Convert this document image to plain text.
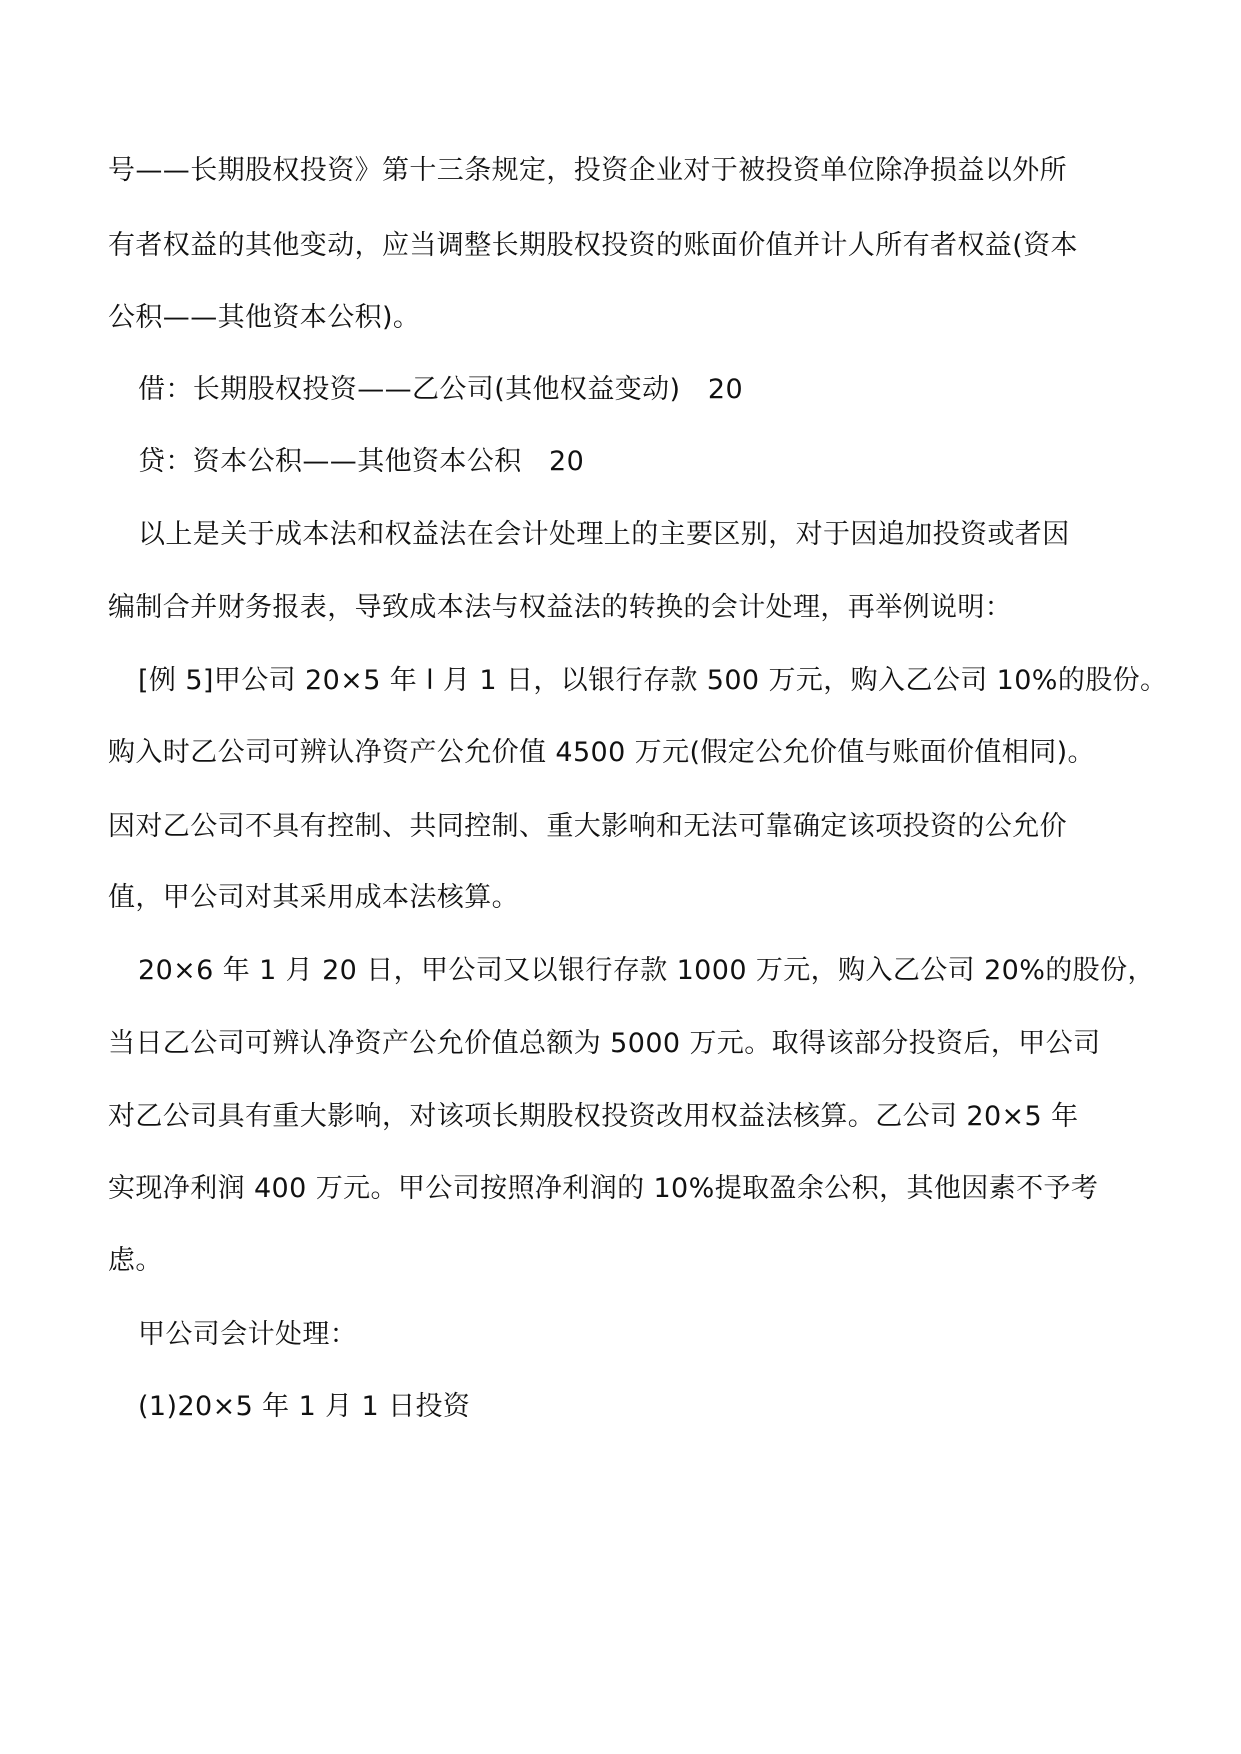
号——长期股权投资》第十三条规定，投资企业对于被投资单位除净损益以外所
有者权益的其他变动，应当调整长期股权投资的账面价值并计人所有者权益(资本
公积——其他资本公积)。
借：长期股权投资——乙公司(其他权益变动)　20
贷：资本公积——其他资本公积　20
以上是关于成本法和权益法在会计处理上的主要区别，对于因追加投资或者因
编制合并财务报表，导致成本法与权益法的转换的会计处理，再举例说明：
[例 5]甲公司 20×5 年 l 月 1 日，以银行存款 500 万元，购入乙公司 10%的股份。
购入时乙公司可辨认净资产公允价值 4500 万元(假定公允价值与账面价值相同)。
因对乙公司不具有控制、共同控制、重大影响和无法可靠确定该项投资的公允价
值，甲公司对其采用成本法核算。
20×6 年 1 月 20 日，甲公司又以银行存款 1000 万元，购入乙公司 20%的股份，
当日乙公司可辨认净资产公允价值总额为 5000 万元。取得该部分投资后，甲公司
对乙公司具有重大影响，对该项长期股权投资改用权益法核算。乙公司 20×5 年
实现净利润 400 万元。甲公司按照净利润的 10%提取盈余公积，其他因素不予考
虑。
甲公司会计处理：
(1)20×5 年 1 月 1 日投资
